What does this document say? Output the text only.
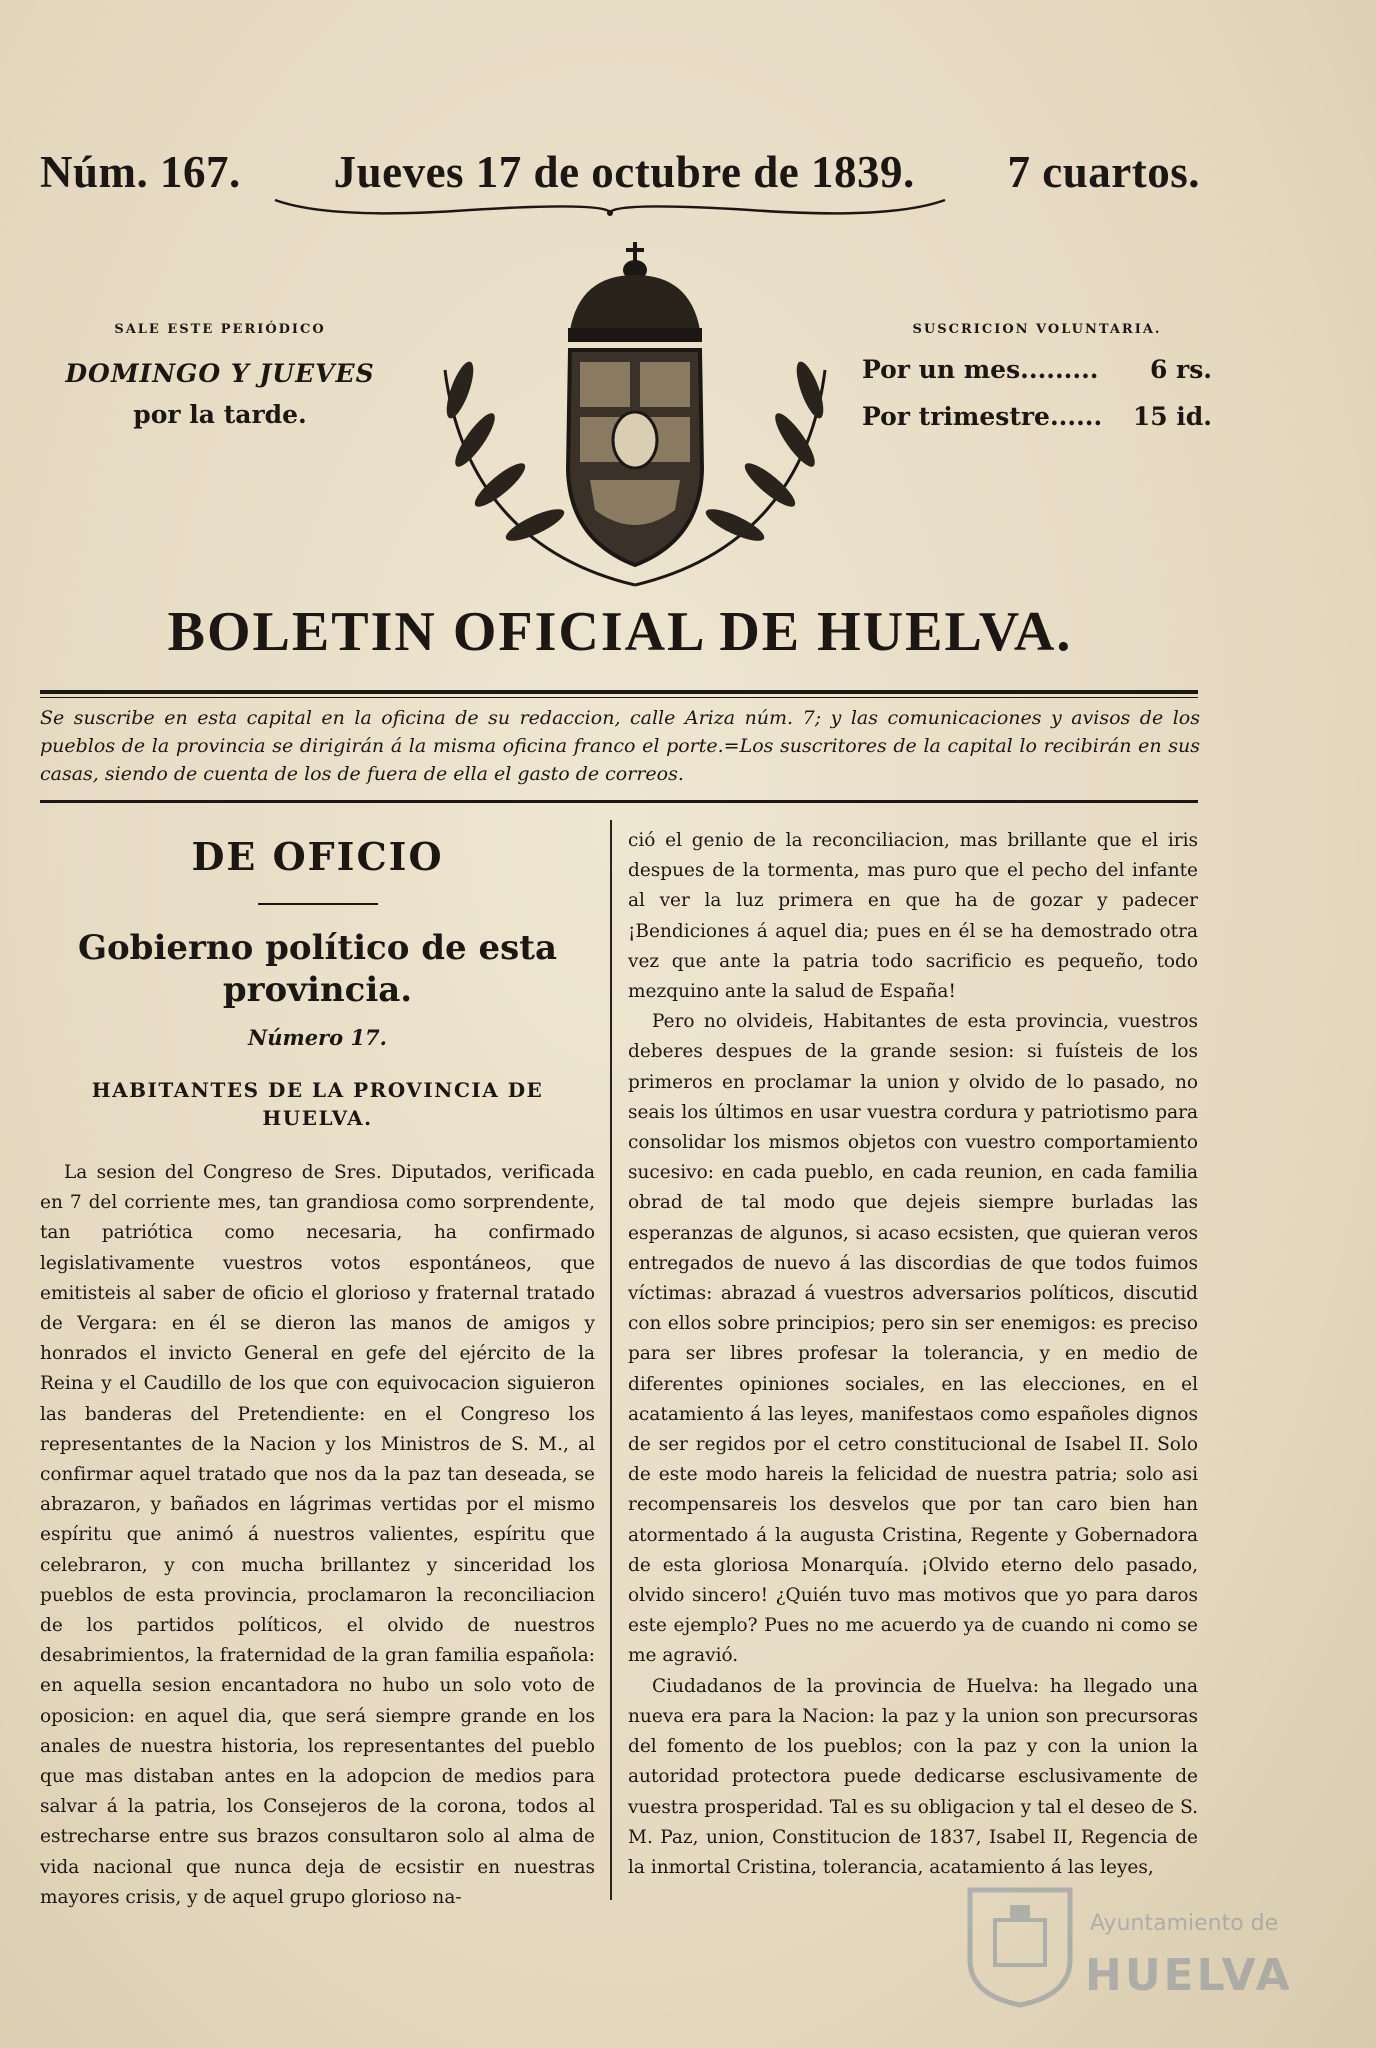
Núm. 167. Jueves 17 de octubre de 1839. 7 cuartos.
SALE ESTE PERIÓDICO
DOMINGO Y JUEVES
por la tarde.
SUSCRICION VOLUNTARIA.
Por un mes......... 6 rs.
Por trimestre...... 15 id.
BOLETIN OFICIAL DE HUELVA.
Se suscribe en esta capital en la oficina de su redaccion, calle Ariza núm. 7; y las comunicaciones y avisos de los pueblos de la provincia se dirigirán á la misma oficina franco el porte.=Los suscritores de la capital lo recibirán en sus casas, siendo de cuenta de los de fuera de ella el gasto de correos.
DE OFICIO
Gobierno político de esta provincia.
Número 17.
HABITANTES DE LA PROVINCIA DE HUELVA.

La sesion del Congreso de Sres. Diputados, verificada en 7 del corriente mes, tan grandiosa como sorprendente, tan patriótica como necesaria, ha confirmado legislativamente vuestros votos espontáneos, que emitisteis al saber de oficio el glorioso y fraternal tratado de Vergara: en él se dieron las manos de amigos y honrados el invicto General en gefe del ejército de la Reina y el Caudillo de los que con equivocacion siguieron las banderas del Pretendiente: en el Congreso los representantes de la Nacion y los Ministros de S. M., al confirmar aquel tratado que nos da la paz tan deseada, se abrazaron, y bañados en lágrimas vertidas por el mismo espíritu que animó á nuestros valientes, espíritu que celebraron, y con mucha brillantez y sinceridad los pueblos de esta provincia, proclamaron la reconciliacion de los partidos políticos, el olvido de nuestros desabrimientos, la fraternidad de la gran familia española: en aquella sesion encantadora no hubo un solo voto de oposicion: en aquel dia, que será siempre grande en los anales de nuestra historia, los representantes del pueblo que mas distaban antes en la adopcion de medios para salvar á la patria, los Consejeros de la corona, todos al estrecharse entre sus brazos consultaron solo al alma de vida nacional que nunca deja de ecsistir en nuestras mayores crisis, y de aquel grupo glorioso na-

ció el genio de la reconciliacion, mas brillante que el iris despues de la tormenta, mas puro que el pecho del infante al ver la luz primera en que ha de gozar y padecer ¡Bendiciones á aquel dia; pues en él se ha demostrado otra vez que ante la patria todo sacrificio es pequeño, todo mezquino ante la salud de España!

Pero no olvideis, Habitantes de esta provincia, vuestros deberes despues de la grande sesion: si fuísteis de los primeros en proclamar la union y olvido de lo pasado, no seais los últimos en usar vuestra cordura y patriotismo para consolidar los mismos objetos con vuestro comportamiento sucesivo: en cada pueblo, en cada reunion, en cada familia obrad de tal modo que dejeis siempre burladas las esperanzas de algunos, si acaso ecsisten, que quieran veros entregados de nuevo á las discordias de que todos fuimos víctimas: abrazad á vuestros adversarios políticos, discutid con ellos sobre principios; pero sin ser enemigos: es preciso para ser libres profesar la tolerancia, y en medio de diferentes opiniones sociales, en las elecciones, en el acatamiento á las leyes, manifestaos como españoles dignos de ser regidos por el cetro constitucional de Isabel II. Solo de este modo hareis la felicidad de nuestra patria; solo asi recompensareis los desvelos que por tan caro bien han atormentado á la augusta Cristina, Regente y Gobernadora de esta gloriosa Monarquía. ¡Olvido eterno delo pasado, olvido sincero! ¿Quién tuvo mas motivos que yo para daros este ejemplo? Pues no me acuerdo ya de cuando ni como se me agravió.

Ciudadanos de la provincia de Huelva: ha llegado una nueva era para la Nacion: la paz y la union son precursoras del fomento de los pueblos; con la paz y con la union la autoridad protectora puede dedicarse esclusivamente de vuestra prosperidad. Tal es su obligacion y tal el deseo de S. M. Paz, union, Constitucion de 1837, Isabel II, Regencia de la inmortal Cristina, tolerancia, acatamiento á las leyes,

Ayuntamiento de
HUELVA
